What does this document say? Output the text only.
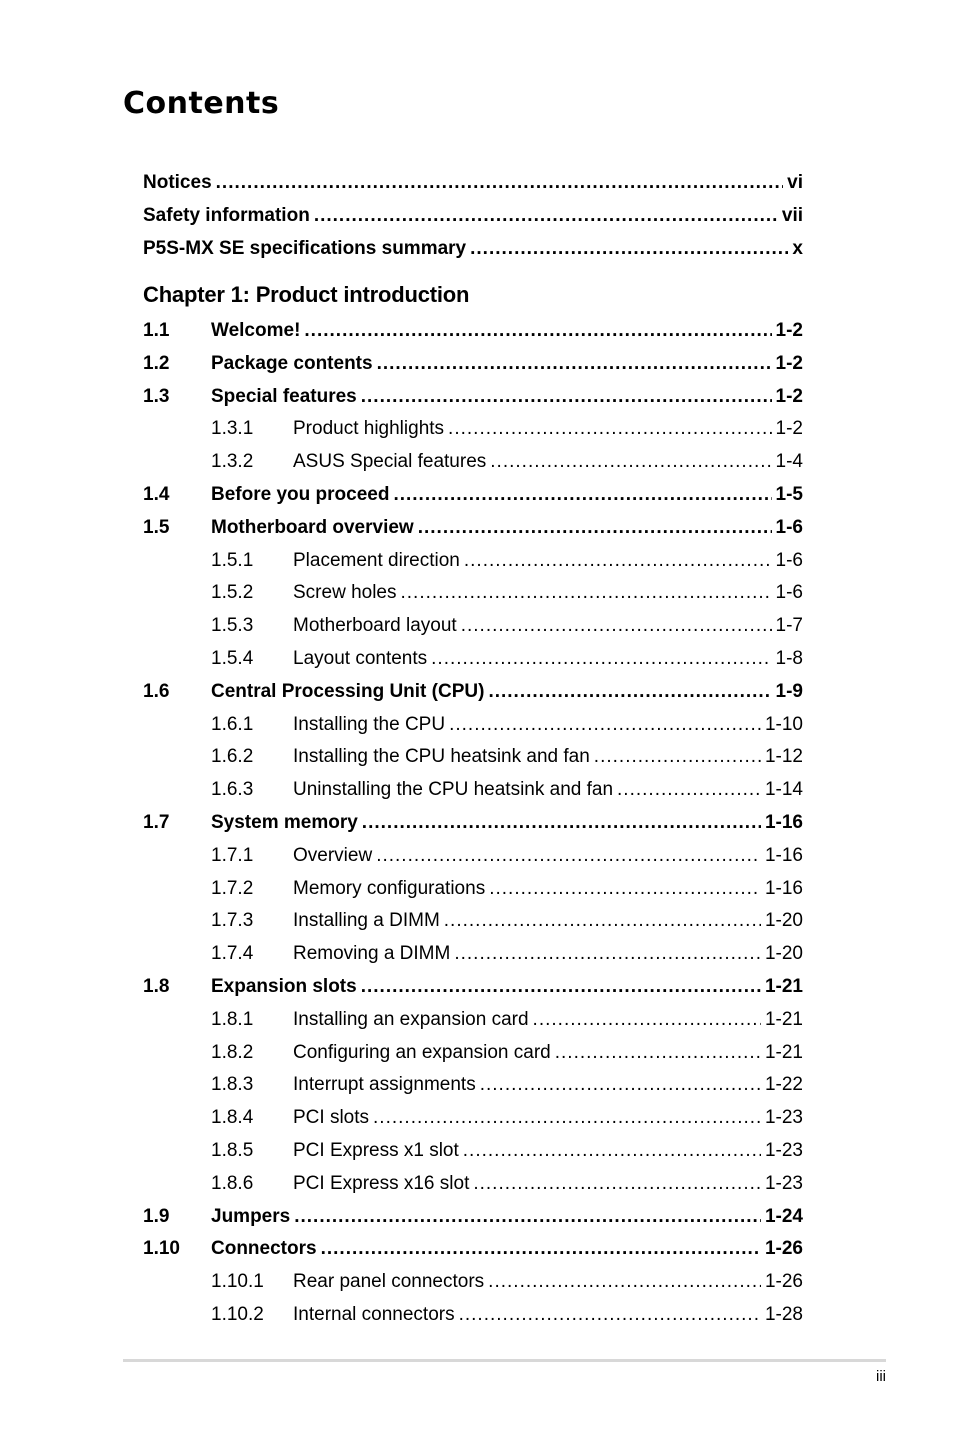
Contents
Notices .....	vi
Safety information .....	vii
P5S-MX SE specifications summary .....	x
Chapter 1: Product introduction
1.1	Welcome! .....	1-2
1.2	Package contents .....	1-2
1.3	Special features .....	1-2
1.3.1	Product highlights .....	1-2
1.3.2	ASUS Special features .....	1-4
1.4	Before you proceed .....	1-5
1.5	Motherboard overview .....	1-6
1.5.1	Placement direction .....	1-6
1.5.2	Screw holes .....	1-6
1.5.3	Motherboard layout .....	1-7
1.5.4	Layout contents .....	1-8
1.6	Central Processing Unit (CPU) .....	1-9
1.6.1	Installing the CPU .....	1-10
1.6.2	Installing the CPU heatsink and fan .....	1-12
1.6.3	Uninstalling the CPU heatsink and fan .....	1-14
1.7	System memory .....	1-16
1.7.1	Overview .....	1-16
1.7.2	Memory configurations .....	1-16
1.7.3	Installing a DIMM .....	1-20
1.7.4	Removing a DIMM .....	1-20
1.8	Expansion slots .....	1-21
1.8.1	Installing an expansion card .....	1-21
1.8.2	Configuring an expansion card .....	1-21
1.8.3	Interrupt assignments .....	1-22
1.8.4	PCI slots .....	1-23
1.8.5	PCI Express x1 slot .....	1-23
1.8.6	PCI Express x16 slot .....	1-23
1.9	Jumpers .....	1-24
1.10	Connectors .....	1-26
1.10.1	Rear panel connectors .....	1-26
1.10.2	Internal connectors .....	1-28
iii
